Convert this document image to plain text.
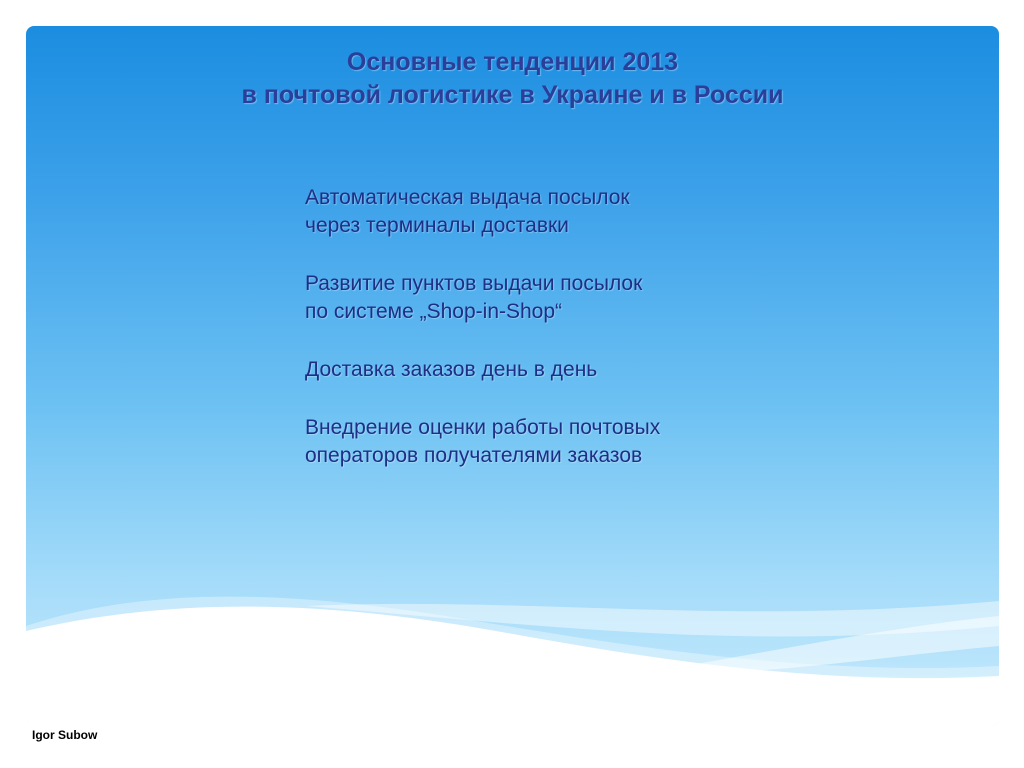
Основные тенденции 2013
в почтовой логистике в Украине и в России
Автоматическая выдача посылок
через терминалы доставки
Развитие пунктов выдачи посылок
по системе „Shop-in-Shop“
Доставка заказов день в день
Внедрение оценки работы почтовых
операторов получателями заказов
Igor Subow
